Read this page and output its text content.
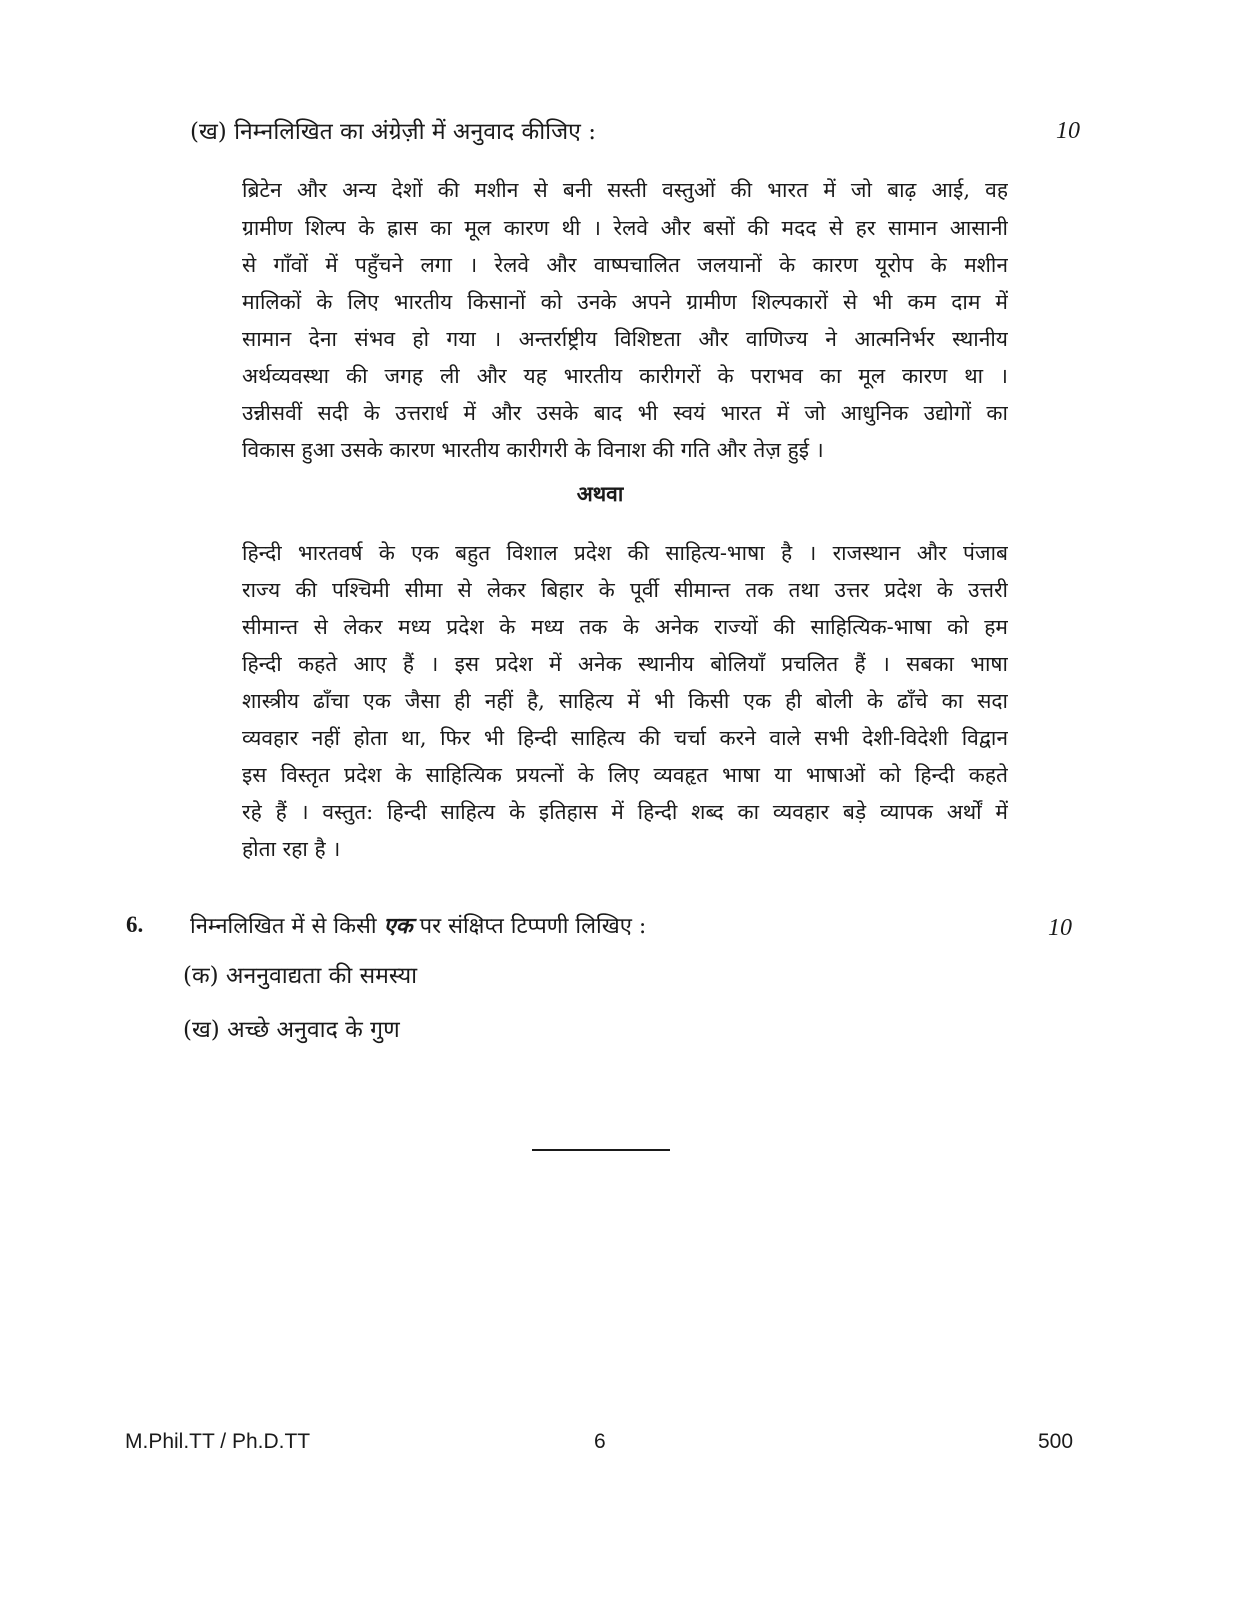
(ख) निम्नलिखित का अंग्रेज़ी में अनुवाद कीजिए :	10
ब्रिटेन और अन्य देशों की मशीन से बनी सस्ती वस्तुओं की भारत में जो बाढ़ आई, वह
ग्रामीण शिल्प के ह्रास का मूल कारण थी । रेलवे और बसों की मदद से हर सामान आसानी
से गाँवों में पहुँचने लगा । रेलवे और वाष्पचालित जलयानों के कारण यूरोप के मशीन
मालिकों के लिए भारतीय किसानों को उनके अपने ग्रामीण शिल्पकारों से भी कम दाम में
सामान देना संभव हो गया । अन्तर्राष्ट्रीय विशिष्टता और वाणिज्य ने आत्मनिर्भर स्थानीय
अर्थव्यवस्था की जगह ली और यह भारतीय कारीगरों के पराभव का मूल कारण था ।
उन्नीसवीं सदी के उत्तरार्ध में और उसके बाद भी स्वयं भारत में जो आधुनिक उद्योगों का
विकास हुआ उसके कारण भारतीय कारीगरी के विनाश की गति और तेज़ हुई ।
अथवा
हिन्दी भारतवर्ष के एक बहुत विशाल प्रदेश की साहित्य-भाषा है । राजस्थान और पंजाब
राज्य की पश्चिमी सीमा से लेकर बिहार के पूर्वी सीमान्त तक तथा उत्तर प्रदेश के उत्तरी
सीमान्त से लेकर मध्य प्रदेश के मध्य तक के अनेक राज्यों की साहित्यिक-भाषा को हम
हिन्दी कहते आए हैं । इस प्रदेश में अनेक स्थानीय बोलियाँ प्रचलित हैं । सबका भाषा
शास्त्रीय ढाँचा एक जैसा ही नहीं है, साहित्य में भी किसी एक ही बोली के ढाँचे का सदा
व्यवहार नहीं होता था, फिर भी हिन्दी साहित्य की चर्चा करने वाले सभी देशी-विदेशी विद्वान
इस विस्तृत प्रदेश के साहित्यिक प्रयत्नों के लिए व्यवहृत भाषा या भाषाओं को हिन्दी कहते
रहे हैं । वस्तुत: हिन्दी साहित्य के इतिहास में हिन्दी शब्द का व्यवहार बड़े व्यापक अर्थों में
होता रहा है ।
6. निम्नलिखित में से किसी एक पर संक्षिप्त टिप्पणी लिखिए :	10
(क) अननुवाद्यता की समस्या
(ख) अच्छे अनुवाद के गुण
M.Phil.TT / Ph.D.TT	6	500
